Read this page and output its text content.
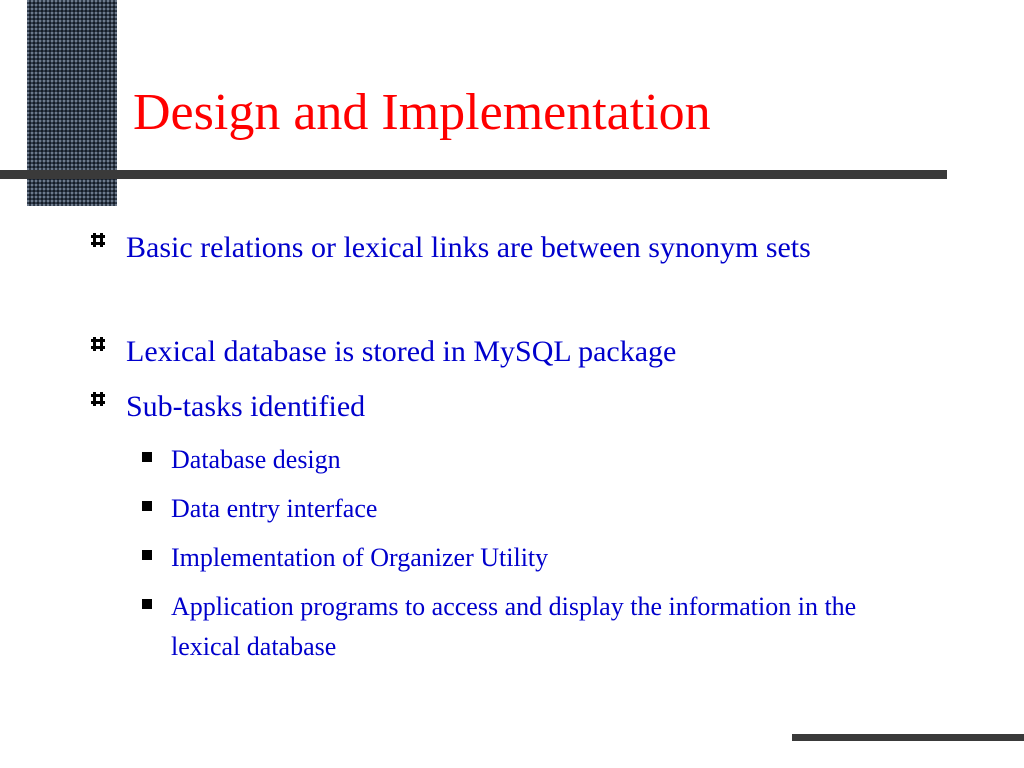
Design and Implementation
Basic relations or lexical links are between synonym sets
Lexical database is stored in MySQL package
Sub-tasks identified
Database design
Data entry interface
Implementation of Organizer Utility
Application programs to access and display the information in the lexical database
